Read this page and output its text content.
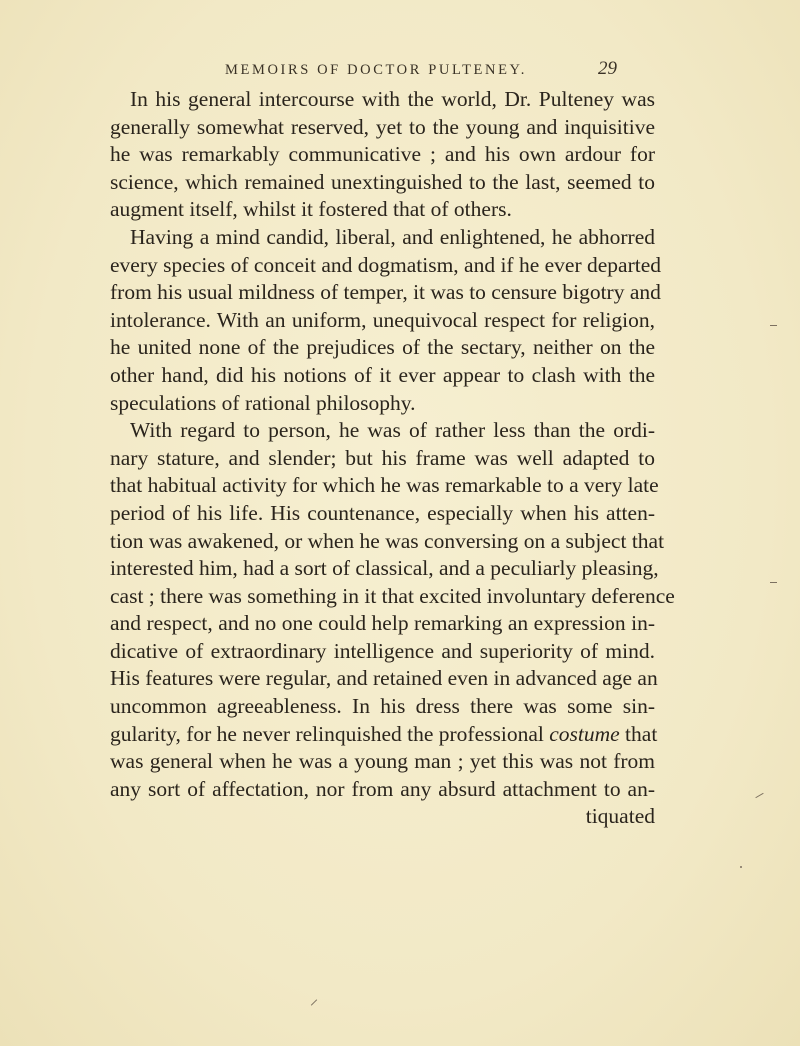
MEMOIRS OF DOCTOR PULTENEY.	29
In his general intercourse with the world, Dr. Pulteney was
generally somewhat reserved, yet to the young and inquisitive
he was remarkably communicative ; and his own ardour for
science, which remained unextinguished to the last, seemed to
augment itself, whilst it fostered that of others.
Having a mind candid, liberal, and enlightened, he abhorred
every species of conceit and dogmatism, and if he ever departed
from his usual mildness of temper, it was to censure bigotry and
intolerance. With an uniform, unequivocal respect for religion,
he united none of the prejudices of the sectary, neither on the
other hand, did his notions of it ever appear to clash with the
speculations of rational philosophy.
With regard to person, he was of rather less than the ordi-
nary stature, and slender; but his frame was well adapted to
that habitual activity for which he was remarkable to a very late
period of his life. His countenance, especially when his atten-
tion was awakened, or when he was conversing on a subject that
interested him, had a sort of classical, and a peculiarly pleasing,
cast ; there was something in it that excited involuntary deference
and respect, and no one could help remarking an expression in-
dicative of extraordinary intelligence and superiority of mind.
His features were regular, and retained even in advanced age an
uncommon agreeableness. In his dress there was some sin-
gularity, for he never relinquished the professional costume that
was general when he was a young man ; yet this was not from
any sort of affectation, nor from any absurd attachment to an-
tiquated
